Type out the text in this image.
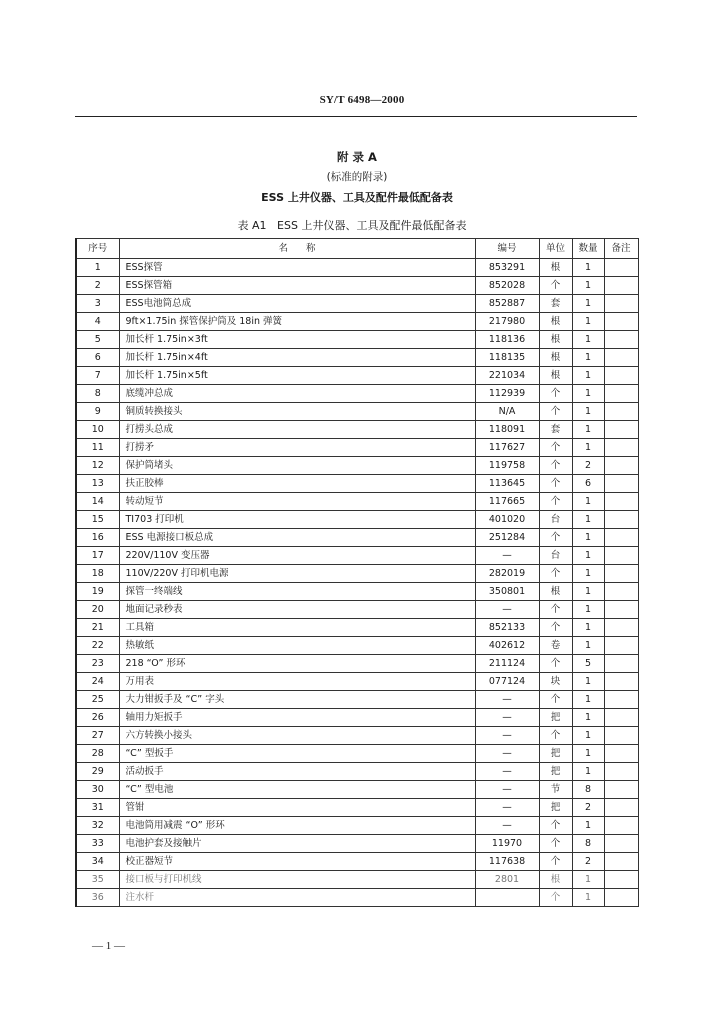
SY/T 6498—2000
附 录 A
(标准的附录)
ESS 上井仪器、工具及配件最低配备表
表 A1   ESS 上井仪器、工具及配件最低配备表
序号	名      称	编号	单位	数量	备注
1	ESS探管	853291	根	1	
2	ESS探管箱	852028	个	1	
3	ESS电池筒总成	852887	套	1	
4	9ft×1.75in 探管保护筒及 18in 弹簧	217980	根	1	
5	加长杆 1.75in×3ft	118136	根	1	
6	加长杆 1.75in×4ft	118135	根	1	
7	加长杆 1.75in×5ft	221034	根	1	
8	底缆冲总成	112939	个	1	
9	铜质转换接头	N/A	个	1	
10	打捞头总成	118091	套	1	
11	打捞矛	117627	个	1	
12	保护筒堵头	119758	个	2	
13	扶正胶棒	113645	个	6	
14	转动短节	117665	个	1	
15	TI703 打印机	401020	台	1	
16	ESS 电源接口板总成	251284	个	1	
17	220V/110V 变压器	—	台	1	
18	110V/220V 打印机电源	282019	个	1	
19	探管一终端线	350801	根	1	
20	地面记录秒表	—	个	1	
21	工具箱	852133	个	1	
22	热敏纸	402612	卷	1	
23	218 “O” 形环	211124	个	5	
24	万用表	077124	块	1	
25	大力钳扳手及 “C” 字头	—	个	1	
26	轴用力矩扳手	—	把	1	
27	六方转换小接头	—	个	1	
28	“C” 型扳手	—	把	1	
29	活动扳手	—	把	1	
30	“C” 型电池	—	节	8	
31	管钳	—	把	2	
32	电池筒用减震 “O” 形环	—	个	1	
33	电池护套及接触片	11970	个	8	
34	校正器短节	117638	个	2	
35	接口板与打印机线	2801	根	1	
36	注水杆		个	1	
— 1 —
